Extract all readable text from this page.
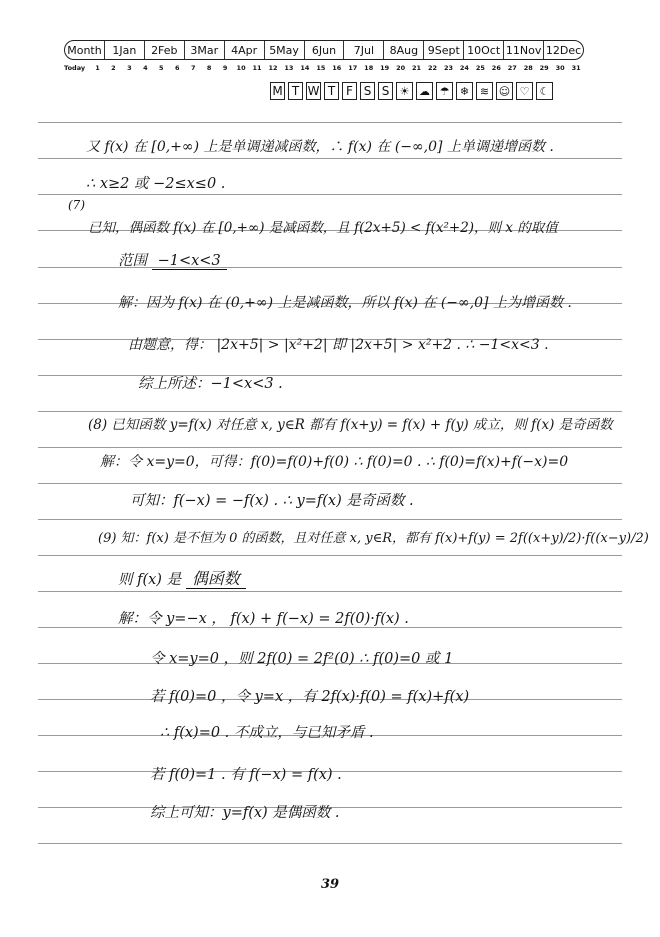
Month 1Jan	2Feb	3Mar	4Apr	5May	6Jun	7Jul	8Aug 9Sept 10Oct 11Nov 12Dec
Today	1	2	3	4	5	6	7	8	9	10	11	12	13	14	15	16	17	18	19	20	21	22	23	24	25	26	27	28	29	30	31
M T W T F S S ☀ ☁ ☂ ❄ ≋ ☺ ♡ ☾
又 f(x) 在 [0,+∞) 上是单调递减函数，∴ f(x) 在 (−∞,0] 上单调递增函数 .
∴ x≥2 或 −2≤x≤0 .
(7)
已知，偶函数 f(x) 在 [0,+∞) 是减函数，且 f(2x+5) < f(x²+2)，则 x 的取值
范围 −1<x<3
解：因为 f(x) 在 (0,+∞) 上是减函数，所以 f(x) 在 (−∞,0] 上为增函数 .
由题意，得： |2x+5| > |x²+2| 即 |2x+5| > x²+2 . ∴ −1<x<3 .
综上所述：−1<x<3 .
(8) 已知函数 y=f(x) 对任意 x, y∈R 都有 f(x+y) = f(x) + f(y) 成立，则 f(x) 是奇函数
解：令 x=y=0，可得：f(0)=f(0)+f(0) ∴ f(0)=0 . ∴ f(0)=f(x)+f(−x)=0
可知：f(−x) = −f(x) . ∴ y=f(x) 是奇函数 .
(9) 知：f(x) 是不恒为 0 的函数，且对任意 x, y∈R，都有 f(x)+f(y) = 2f((x+y)/2)·f((x−y)/2)
则 f(x) 是 偶函数
解：令 y=−x ， f(x) + f(−x) = 2f(0)·f(x) .
令 x=y=0 ，则 2f(0) = 2f²(0) ∴ f(0)=0 或 1
若 f(0)=0 ，令 y=x ，有 2f(x)·f(0) = f(x)+f(x)
∴ f(x)=0 . 不成立，与已知矛盾 .
若 f(0)=1 . 有 f(−x) = f(x) .
综上可知：y=f(x) 是偶函数 .
39
